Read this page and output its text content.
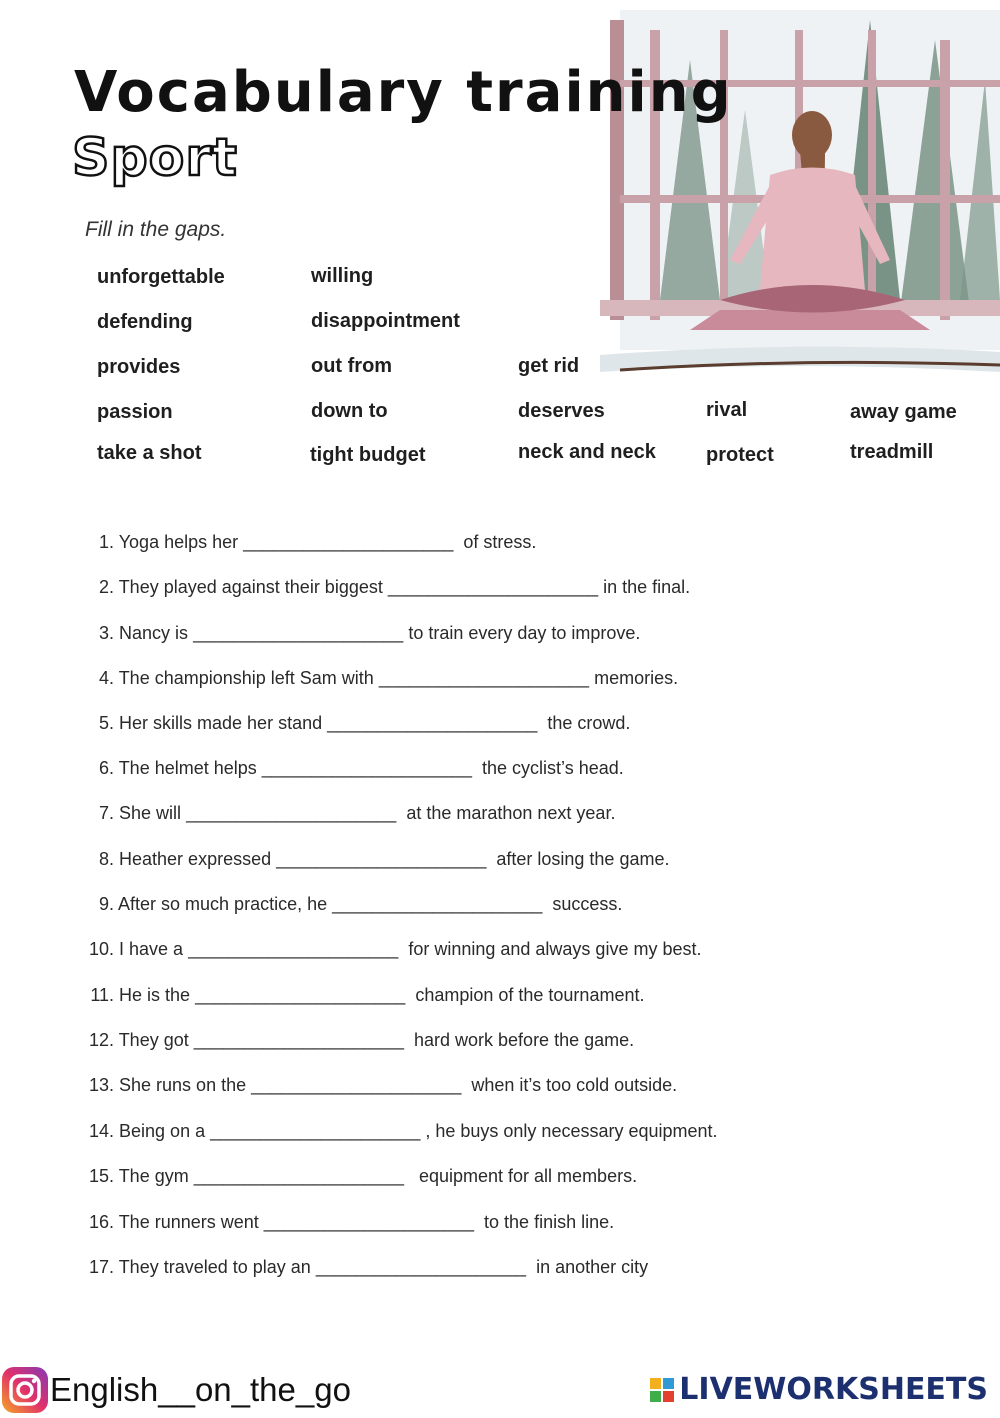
Vocabulary training
Sport
Fill in the gaps.
unforgettable	willing
defending	disappointment
provides	out from	get rid
passion	down to	deserves	rival	away game
take a shot	tight budget	neck and neck	protect	treadmill
1. Yoga helps her _____________________ of stress.
2. They played against their biggest _____________________ in the final.
3. Nancy is _____________________ to train every day to improve.
4. The championship left Sam with _____________________ memories.
5. Her skills made her stand _____________________ the crowd.
6. The helmet helps _____________________ the cyclist’s head.
7. She will _____________________ at the marathon next year.
8. Heather expressed _____________________ after losing the game.
9. After so much practice, he _____________________ success.
10. I have a _____________________ for winning and always give my best.
11. He is the _____________________ champion of the tournament.
12. They got _____________________ hard work before the game.
13. She runs on the _____________________ when it’s too cold outside.
14. Being on a _____________________ , he buys only necessary equipment.
15. The gym _____________________ equipment for all members.
16. The runners went _____________________ to the finish line.
17. They traveled to play an _____________________ in another city
English__on_the_go	LIVEWORKSHEETS
